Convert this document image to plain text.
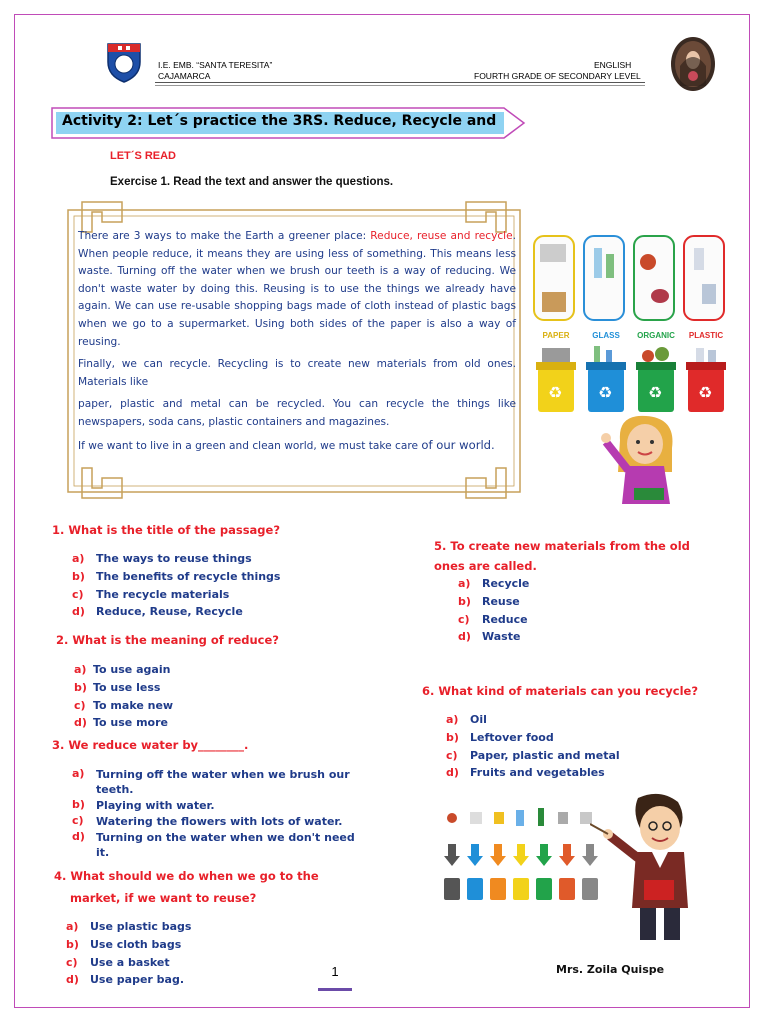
I.E. EMB. “SANTA TERESITA”
CAJAMARCA
ENGLISH
FOURTH GRADE OF SECONDARY LEVEL
Activity 2: Let´s practice the 3RS. Reduce, Recycle and
LET´S READ
Exercise 1. Read the text and answer the questions.

There are 3 ways to make the Earth a greener place: Reduce, reuse and recycle. When people reduce, it means they are using less of something. This means less waste. Turning off the water when we brush our teeth is a way of reducing. We don't waste water by doing this. Reusing is to use the things we already have again. We can use re-usable shopping bags made of cloth instead of plastic bags when we go to a supermarket. Using both sides of the paper is also a way of reusing.

Finally, we can recycle. Recycling is to create new materials from old ones. Materials like

paper, plastic and metal can be recycled. You can recycle the things like newspapers, soda cans, plastic containers and magazines.

If we want to live in a green and clean world, we must take care of our world.

PAPER	GLASS	ORGANIC	PLASTIC
♻ ♻ ♻ ♻
1. What is the title of the passage?
a)	The ways to reuse things
b)	The benefits of recycle things
c)	The recycle materials
d)	Reduce, Reuse, Recycle
2. What is the meaning of reduce?
a) To use again
b) To use less
c) To make new
d) To use more
3. We reduce water by________.
a)	Turning off the water when we brush our teeth.
b)	Playing with water.
c)	Watering the flowers with lots of water.
d)	Turning on the water when we don't need it.
4. What should we do when we go to the
market, if we want to reuse?
a)	Use plastic bags
b)	Use cloth bags
c)	Use a basket
d)	Use paper bag.
5. To create new materials from the old
ones are called.
a)	Recycle
b)	Reuse
c)	Reduce
d)	Waste
6. What kind of materials can you recycle?
a)	Oil
b)	Leftover food
c)	Paper, plastic and metal
d)	Fruits and vegetables
1	Mrs. Zoila Quispe
